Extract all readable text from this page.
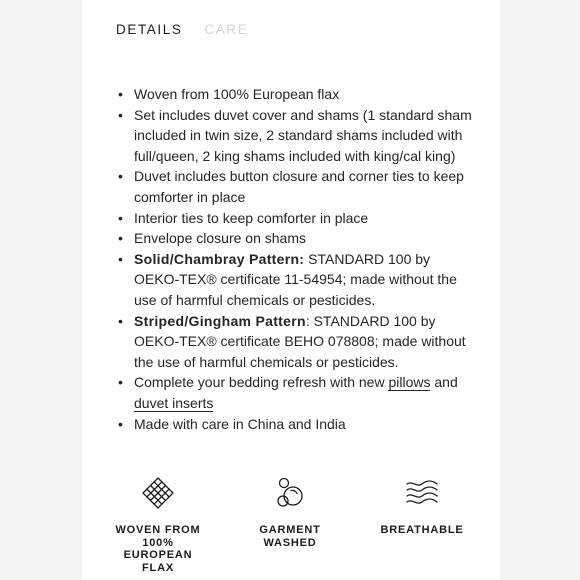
DETAILS CARE
• Woven from 100% European flax
• Set includes duvet cover and shams (1 standard sham included in twin size, 2 standard shams included with full/queen, 2 king shams included with king/cal king)
• Duvet includes button closure and corner ties to keep comforter in place
• Interior ties to keep comforter in place
• Envelope closure on shams
• Solid/Chambray Pattern: STANDARD 100 by OEKO-TEX® certificate 11-54954; made without the use of harmful chemicals or pesticides.
• Striped/Gingham Pattern: STANDARD 100 by OEKO-TEX® certificate BEHO 078808; made without the use of harmful chemicals or pesticides.
• Complete your bedding refresh with new pillows and duvet inserts
• Made with care in China and India
WOVEN FROM
100%
EUROPEAN
FLAX
GARMENT
WASHED
BREATHABLE
